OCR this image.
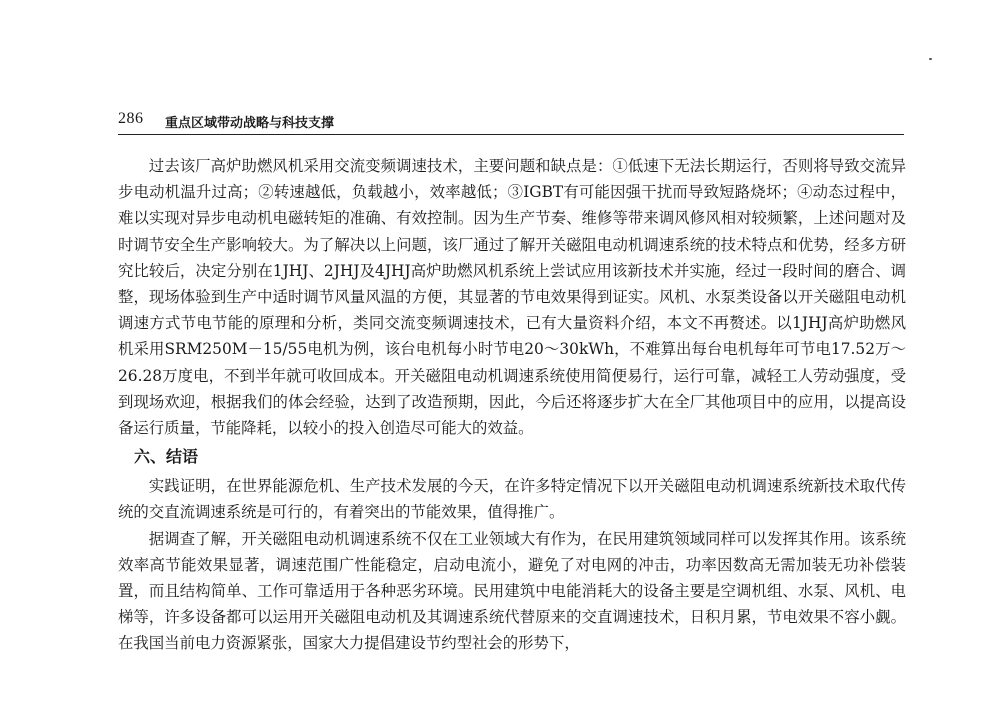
286 重点区域带动战略与科技支撑

过去该厂高炉助燃风机采用交流变频调速技术，主要问题和缺点是：①低速下无法长期运行，否则将导致交流异步电动机温升过高；②转速越低，负载越小，效率越低；③IGBT有可能因强干扰而导致短路烧坏；④动态过程中，难以实现对异步电动机电磁转矩的准确、有效控制。因为生产节奏、维修等带来调风修风相对较频繁，上述问题对及时调节安全生产影响较大。为了解决以上问题，该厂通过了解开关磁阻电动机调速系统的技术特点和优势，经多方研究比较后，决定分别在1JHJ、2JHJ及4JHJ高炉助燃风机系统上尝试应用该新技术并实施，经过一段时间的磨合、调整，现场体验到生产中适时调节风量风温的方便，其显著的节电效果得到证实。风机、水泵类设备以开关磁阻电动机调速方式节电节能的原理和分析，类同交流变频调速技术，已有大量资料介绍，本文不再赘述。以1JHJ高炉助燃风机采用SRM250M－15/55电机为例，该台电机每小时节电20～30kWh，不难算出每台电机每年可节电17.52万～26.28万度电，不到半年就可收回成本。开关磁阻电动机调速系统使用简便易行，运行可靠，减轻工人劳动强度，受到现场欢迎，根据我们的体会经验，达到了改造预期，因此，今后还将逐步扩大在全厂其他项目中的应用，以提高设备运行质量，节能降耗，以较小的投入创造尽可能大的效益。

六、结语

实践证明，在世界能源危机、生产技术发展的今天，在许多特定情况下以开关磁阻电动机调速系统新技术取代传统的交直流调速系统是可行的，有着突出的节能效果，值得推广。

据调查了解，开关磁阻电动机调速系统不仅在工业领域大有作为，在民用建筑领域同样可以发挥其作用。该系统效率高节能效果显著，调速范围广性能稳定，启动电流小，避免了对电网的冲击，功率因数高无需加装无功补偿装置，而且结构简单、工作可靠适用于各种恶劣环境。民用建筑中电能消耗大的设备主要是空调机组、水泵、风机、电梯等，许多设备都可以运用开关磁阻电动机及其调速系统代替原来的交直调速技术，日积月累，节电效果不容小觑。在我国当前电力资源紧张，国家大力提倡建设节约型社会的形势下，
